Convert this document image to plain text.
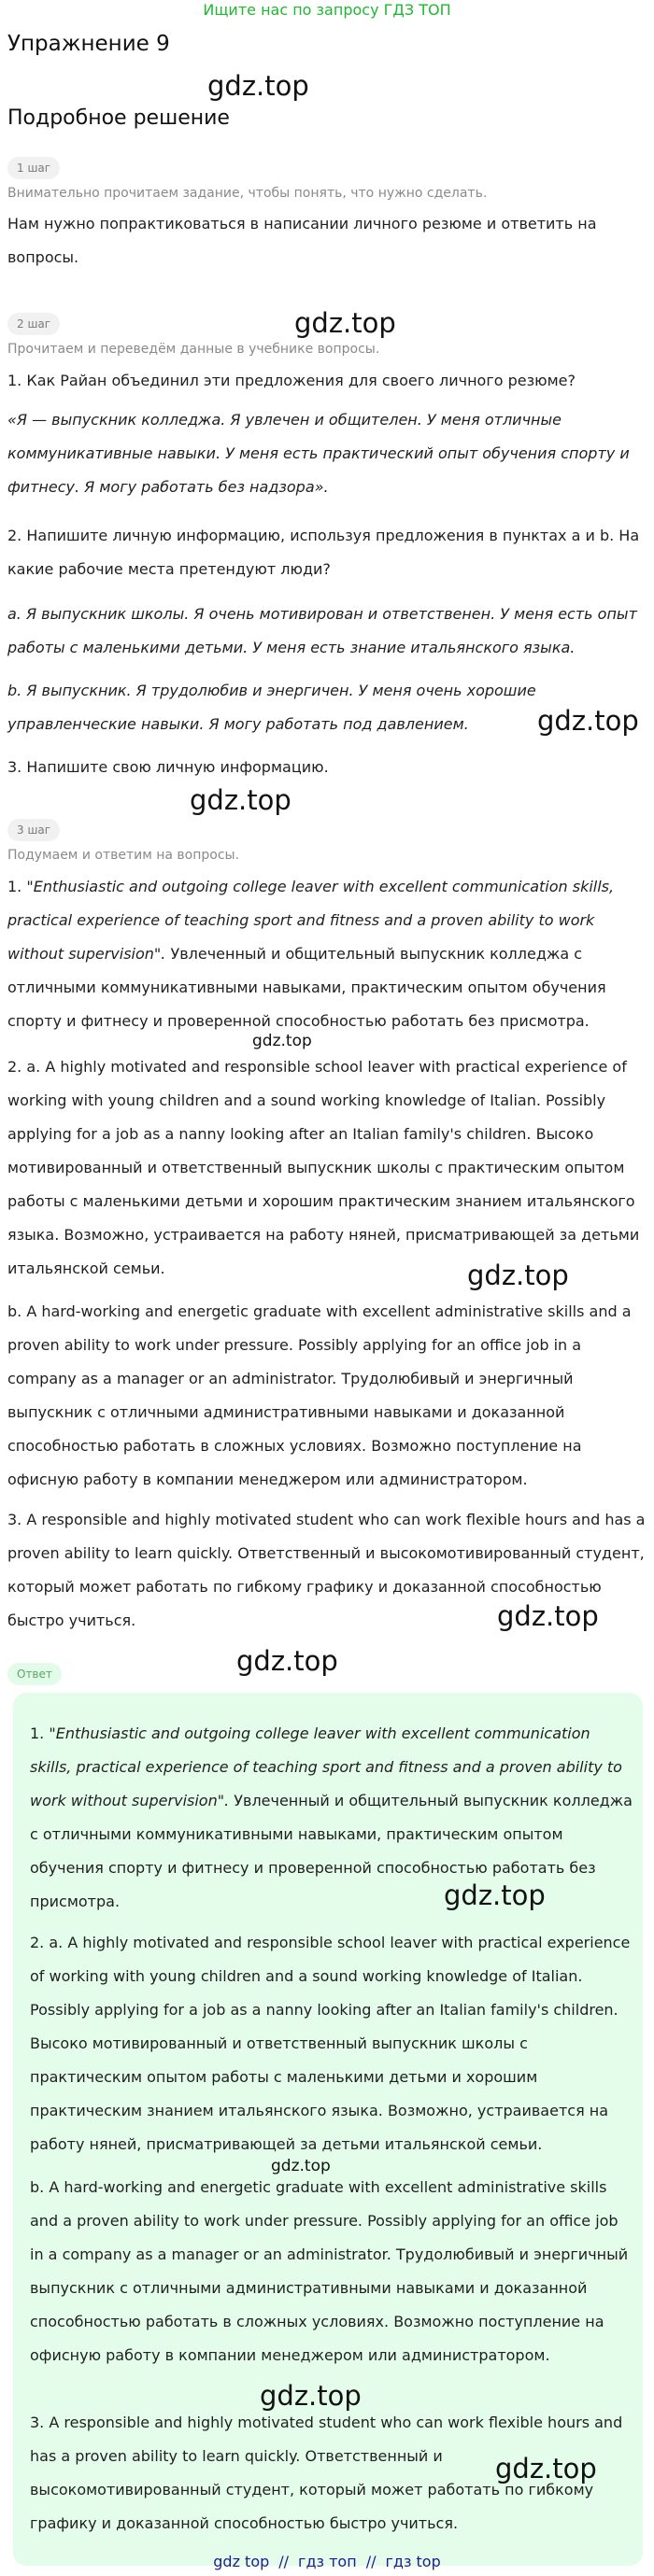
Ищите нас по запросу ГДЗ ТОП
Упражнение 9
Подробное решение
1 шаг
Внимательно прочитаем задание, чтобы понять, что нужно сделать.
Нам нужно попрактиковаться в написании личного резюме и ответить на вопросы.
2 шаг
Прочитаем и переведём данные в учебнике вопросы.
1. Как Райан объединил эти предложения для своего личного резюме?
«Я — выпускник колледжа. Я увлечен и общителен. У меня отличные коммуникативные навыки. У меня есть практический опыт обучения спорту и фитнесу. Я могу работать без надзора».
2. Напишите личную информацию, используя предложения в пунктах a и b. На какие рабочие места претендуют люди?
a. Я выпускник школы. Я очень мотивирован и ответственен. У меня есть опыт работы с маленькими детьми. У меня есть знание итальянского языка.
b. Я выпускник. Я трудолюбив и энергичен. У меня очень хорошие управленческие навыки. Я могу работать под давлением.
3. Напишите свою личную информацию.
3 шаг
Подумаем и ответим на вопросы.
1. "Enthusiastic and outgoing college leaver with excellent communication skills, practical experience of teaching sport and fitness and a proven ability to work without supervision". Увлеченный и общительный выпускник колледжа с отличными коммуникативными навыками, практическим опытом обучения спорту и фитнесу и проверенной способностью работать без присмотра.
2. a. A highly motivated and responsible school leaver with practical experience of working with young children and a sound working knowledge of Italian. Possibly applying for a job as a nanny looking after an Italian family's children. Высоко мотивированный и ответственный выпускник школы с практическим опытом работы с маленькими детьми и хорошим практическим знанием итальянского языка. Возможно, устраивается на работу няней, присматривающей за детьми итальянской семьи.
b. A hard-working and energetic graduate with excellent administrative skills and a proven ability to work under pressure. Possibly applying for an office job in a company as a manager or an administrator. Трудолюбивый и энергичный выпускник с отличными административными навыками и доказанной способностью работать в сложных условиях. Возможно поступление на офисную работу в компании менеджером или администратором.
3. A responsible and highly motivated student who can work flexible hours and has a proven ability to learn quickly. Ответственный и высокомотивированный студент, который может работать по гибкому графику и доказанной способностью быстро учиться.
Ответ
1. "Enthusiastic and outgoing college leaver with excellent communication skills, practical experience of teaching sport and fitness and a proven ability to work without supervision". Увлеченный и общительный выпускник колледжа с отличными коммуникативными навыками, практическим опытом обучения спорту и фитнесу и проверенной способностью работать без присмотра.
2. a. A highly motivated and responsible school leaver with practical experience of working with young children and a sound working knowledge of Italian. Possibly applying for a job as a nanny looking after an Italian family's children. Высоко мотивированный и ответственный выпускник школы с практическим опытом работы с маленькими детьми и хорошим практическим знанием итальянского языка. Возможно, устраивается на работу няней, присматривающей за детьми итальянской семьи.
b. A hard-working and energetic graduate with excellent administrative skills and a proven ability to work under pressure. Possibly applying for an office job in a company as a manager or an administrator. Трудолюбивый и энергичный выпускник с отличными административными навыками и доказанной способностью работать в сложных условиях. Возможно поступление на офисную работу в компании менеджером или администратором.
3. A responsible and highly motivated student who can work flexible hours and has a proven ability to learn quickly. Ответственный и высокомотивированный студент, который может работать по гибкому графику и доказанной способностью быстро учиться.
gdz.top
gdz.top
gdz.top
gdz.top
gdz.top
gdz.top
gdz.top
gdz.top
gdz.top
gdz.top
gdz.top
gdz.top
gdz top // гдз топ // гдз top
